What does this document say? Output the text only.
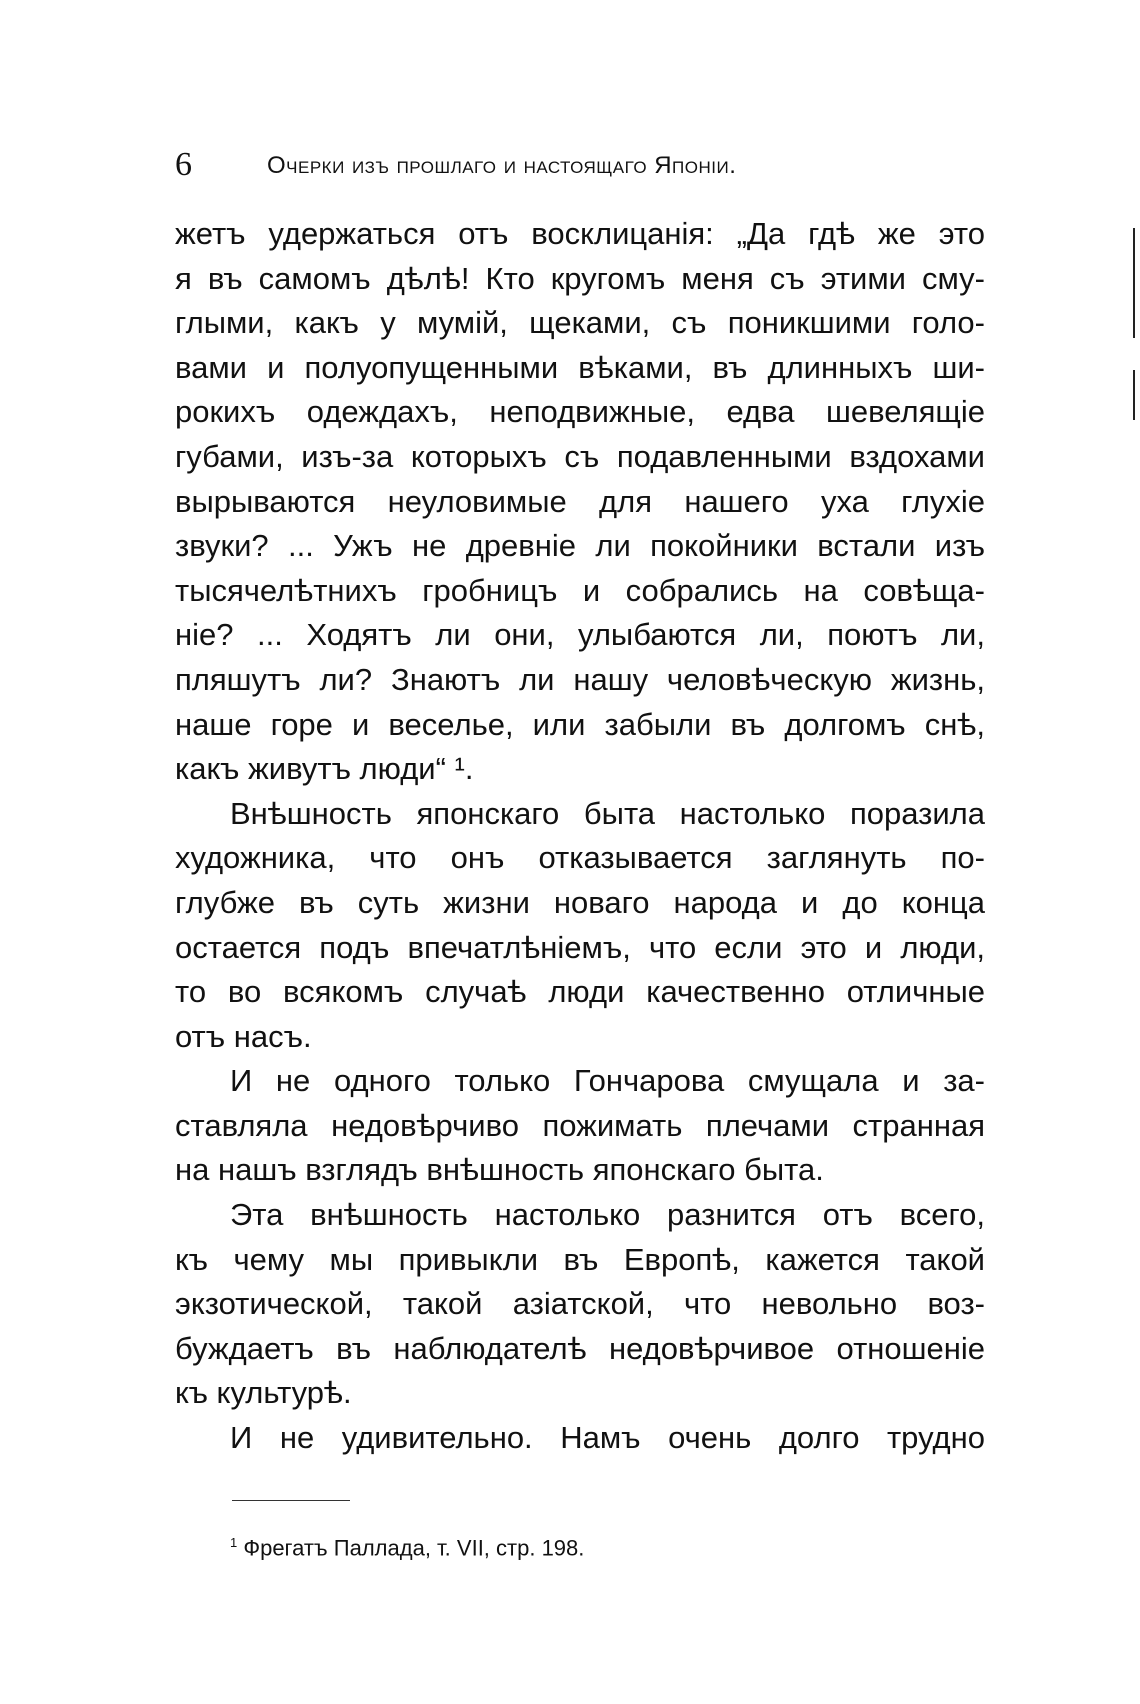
6	Очерки изъ прошлаго и настоящаго Японіи.
жетъ удержаться отъ восклицанія: „Да гдѣ же это
я въ самомъ дѣлѣ! Кто кругомъ меня съ этими сму-
глыми, какъ у мумій, щеками, съ поникшими голо-
вами и полуопущенными вѣками, въ длинныхъ ши-
рокихъ одеждахъ, неподвижные, едва шевелящіе
губами, изъ-за которыхъ съ подавленными вздохами
вырываются неуловимые для нашего уха глухіе
звуки? ... Ужъ не древніе ли покойники встали изъ
тысячелѣтнихъ гробницъ и собрались на совѣща-
ніе? ... Ходятъ ли они, улыбаются ли, поютъ ли,
пляшутъ ли? Знаютъ ли нашу человѣческую жизнь,
наше горе и веселье, или забыли въ долгомъ снѣ,
какъ живутъ люди“ ¹.
Внѣшность японскаго быта настолько поразила
художника, что онъ отказывается заглянуть по-
глубже въ суть жизни новаго народа и до конца
остается подъ впечатлѣніемъ, что если это и люди,
то во всякомъ случаѣ люди качественно отличные
отъ насъ.
И не одного только Гончарова смущала и за-
ставляла недовѣрчиво пожимать плечами странная
на нашъ взглядъ внѣшность японскаго быта.
Эта внѣшность настолько разнится отъ всего,
къ чему мы привыкли въ Европѣ, кажется такой
экзотической, такой азіатской, что невольно воз-
буждаетъ въ наблюдателѣ недовѣрчивое отношеніе
къ культурѣ.
И не удивительно. Намъ очень долго трудно
$^1$ Фрегатъ Паллада, т. VII, стр. 198.
